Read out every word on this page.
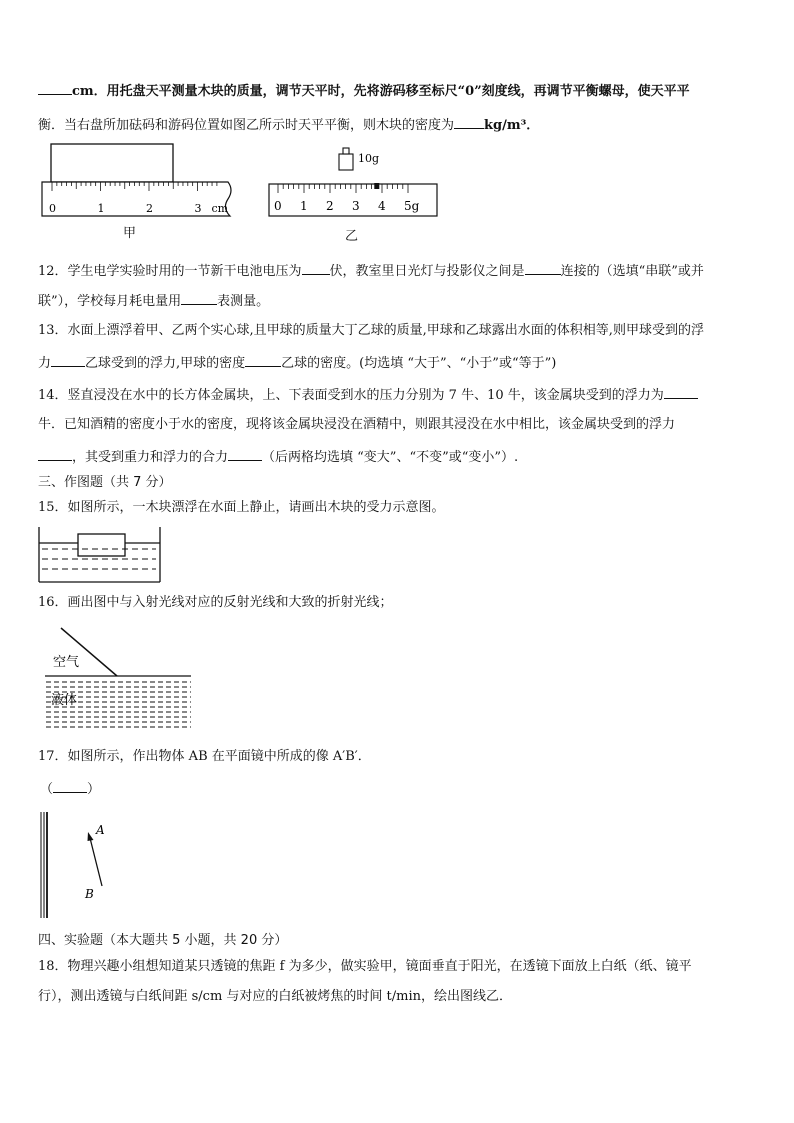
cm．用托盘天平测量木块的质量，调节天平时，先将游码移至标尺“0”刻度线，再调节平衡螺母，使天平平
衡．当右盘所加砝码和游码位置如图乙所示时天平平衡，则木块的密度为 kg/m³．
0	1	2	3 cm
甲
10g
0 1 2 3 4 5g
乙
12．学生电学实验时用的一节新干电池电压为 伏，教室里日光灯与投影仪之间是	连接的（选填“串联”或并
联”），学校每月耗电量用	表测量。
13．水面上漂浮着甲、乙两个实心球,且甲球的质量大丁乙球的质量,甲球和乙球露出水面的体积相等,则甲球受到的浮
力	乙球受到的浮力,甲球的密度	乙球的密度。(均选填 “大于”、“小于”或“等于”)
14．竖直浸没在水中的长方体金属块，上、下表面受到水的压力分别为 7 牛、10 牛，该金属块受到的浮力为
牛．已知酒精的密度小于水的密度，现将该金属块浸没在酒精中，则跟其浸没在水中相比，该金属块受到的浮力
，其受到重力和浮力的合力	（后两格均选填 “变大”、“不变”或“变小”）.
三、作图题（共 7 分）
15．如图所示，一木块漂浮在水面上静止，请画出木块的受力示意图。
16．画出图中与入射光线对应的反射光线和大致的折射光线；
空气
液体
17．如图所示，作出物体 AB 在平面镜中所成的像 A′B′．
（	）
A
B
四、实验题（本大题共 5 小题，共 20 分）
18．物理兴趣小组想知道某只透镜的焦距 f 为多少，做实验甲，镜面垂直于阳光，在透镜下面放上白纸（纸、镜平
行），测出透镜与白纸间距 s/cm 与对应的白纸被烤焦的时间 t/min，绘出图线乙．
